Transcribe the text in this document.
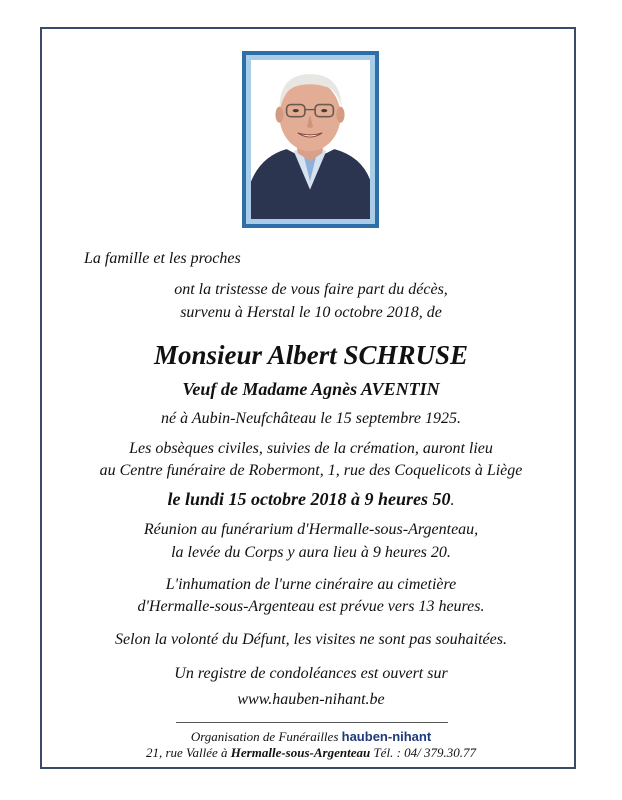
La famille et les proches
ont la tristesse de vous faire part du décès,
survenu à Herstal le 10 octobre 2018, de
Monsieur Albert SCHRUSE
Veuf de Madame Agnès AVENTIN
né à Aubin-Neufchâteau le 15 septembre 1925.
Les obsèques civiles, suivies de la crémation, auront lieu
au Centre funéraire de Robermont, 1, rue des Coquelicots à Liège
le lundi 15 octobre 2018 à 9 heures 50.
Réunion au funérarium d'Hermalle-sous-Argenteau,
la levée du Corps y aura lieu à 9 heures 20.
L'inhumation de l'urne cinéraire au cimetière
d'Hermalle-sous-Argenteau est prévue vers 13 heures.
Selon la volonté du Défunt, les visites ne sont pas souhaitées.
Un registre de condoléances est ouvert sur
www.hauben-nihant.be
Organisation de Funérailles hauben-nihant
21, rue Vallée à Hermalle-sous-Argenteau Tél. : 04/ 379.30.77
